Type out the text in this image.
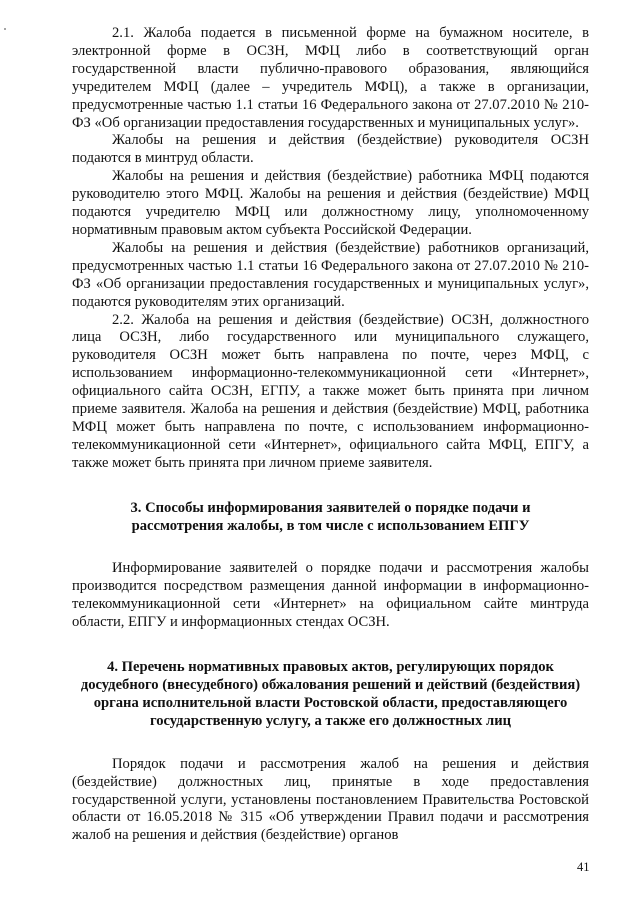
2.1. Жалоба подается в письменной форме на бумажном носителе, в электронной форме в ОСЗН, МФЦ либо в соответствующий орган государственной власти публично-правового образования, являющийся учредителем МФЦ (далее – учредитель МФЦ), а также в организации, предусмотренные частью 1.1 статьи 16 Федерального закона от 27.07.2010 № 210-ФЗ «Об организации предоставления государственных и муниципальных услуг».

Жалобы на решения и действия (бездействие) руководителя ОСЗН подаются в минтруд области.

Жалобы на решения и действия (бездействие) работника МФЦ подаются руководителю этого МФЦ. Жалобы на решения и действия (бездействие) МФЦ подаются учредителю МФЦ или должностному лицу, уполномоченному нормативным правовым актом субъекта Российской Федерации.

Жалобы на решения и действия (бездействие) работников организаций, предусмотренных частью 1.1 статьи 16 Федерального закона от 27.07.2010 № 210-ФЗ «Об организации предоставления государственных и муниципальных услуг», подаются руководителям этих организаций.

2.2. Жалоба на решения и действия (бездействие) ОСЗН, должностного лица ОСЗН, либо государственного или муниципального служащего, руководителя ОСЗН может быть направлена по почте, через МФЦ, с использованием информационно-телекоммуникационной сети «Интернет», официального сайта ОСЗН, ЕГПУ, а также может быть принята при личном приеме заявителя. Жалоба на решения и действия (бездействие) МФЦ, работника МФЦ может быть направлена по почте, с использованием информационно-телекоммуникационной сети «Интернет», официального сайта МФЦ, ЕПГУ, а также может быть принята при личном приеме заявителя.

3. Способы информирования заявителей о порядке подачи и

рассмотрения жалобы, в том числе с использованием ЕПГУ

Информирование заявителей о порядке подачи и рассмотрения жалобы производится посредством размещения данной информации в информационно-телекоммуникационной сети «Интернет» на официальном сайте минтруда области, ЕПГУ и информационных стендах ОСЗН.

4. Перечень нормативных правовых актов, регулирующих порядок

досудебного (внесудебного) обжалования решений и действий (бездействия)

органа исполнительной власти Ростовской области, предоставляющего

государственную услугу, а также его должностных лиц

Порядок подачи и рассмотрения жалоб на решения и действия (бездействие) должностных лиц, принятые в ходе предоставления государственной услуги, установлены постановлением Правительства Ростовской области от 16.05.2018 № 315 «Об утверждении Правил подачи и рассмотрения жалоб на решения и действия (бездействие) органов

41
